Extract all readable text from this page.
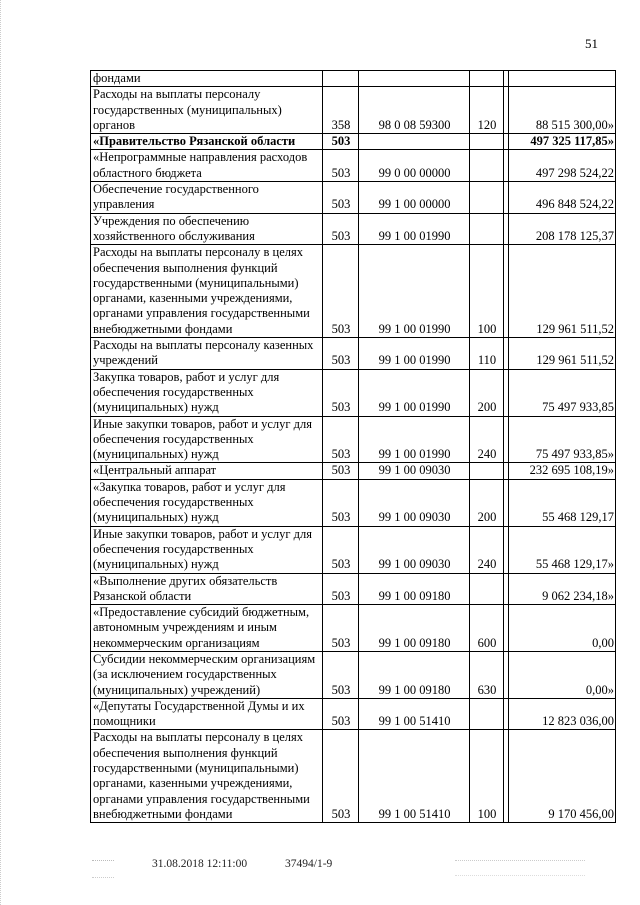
51
фондами					
Расходы на выплаты персоналу государственных (муниципальных) органов	358	98 0 08 59300	120		88 515 300,00»
«Правительство Рязанской области	503				497 325 117,85»
«Непрограммные направления расходов областного бюджета	503	99 0 00 00000			497 298 524,22
Обеспечение государственного управления	503	99 1 00 00000			496 848 524,22
Учреждения по обеспечению хозяйственного обслуживания	503	99 1 00 01990			208 178 125,37
Расходы на выплаты персоналу в целях обеспечения выполнения функций государственными (муниципальными) органами, казенными учреждениями, органами управления государственными внебюджетными фондами	503	99 1 00 01990	100		129 961 511,52
Расходы на выплаты персоналу казенных учреждений	503	99 1 00 01990	110		129 961 511,52
Закупка товаров, работ и услуг для обеспечения государственных (муниципальных) нужд	503	99 1 00 01990	200		75 497 933,85
Иные закупки товаров, работ и услуг для обеспечения государственных (муниципальных) нужд	503	99 1 00 01990	240		75 497 933,85»
«Центральный аппарат	503	99 1 00 09030			232 695 108,19»
«Закупка товаров, работ и услуг для обеспечения государственных (муниципальных) нужд	503	99 1 00 09030	200		55 468 129,17
Иные закупки товаров, работ и услуг для обеспечения государственных (муниципальных) нужд	503	99 1 00 09030	240		55 468 129,17»
«Выполнение других обязательств Рязанской области	503	99 1 00 09180			9 062 234,18»
«Предоставление субсидий бюджетным, автономным учреждениям и иным некоммерческим организациям	503	99 1 00 09180	600		0,00
Субсидии некоммерческим организациям (за исключением государственных (муниципальных) учреждений)	503	99 1 00 09180	630		0,00»
«Депутаты Государственной Думы и их помощники	503	99 1 00 51410			12 823 036,00
Расходы на выплаты персоналу в целях обеспечения выполнения функций государственными (муниципальными) органами, казенными учреждениями, органами управления государственными внебюджетными фондами	503	99 1 00 51410	100		9 170 456,00
31.08.2018 12:11:00	37494/1-9
